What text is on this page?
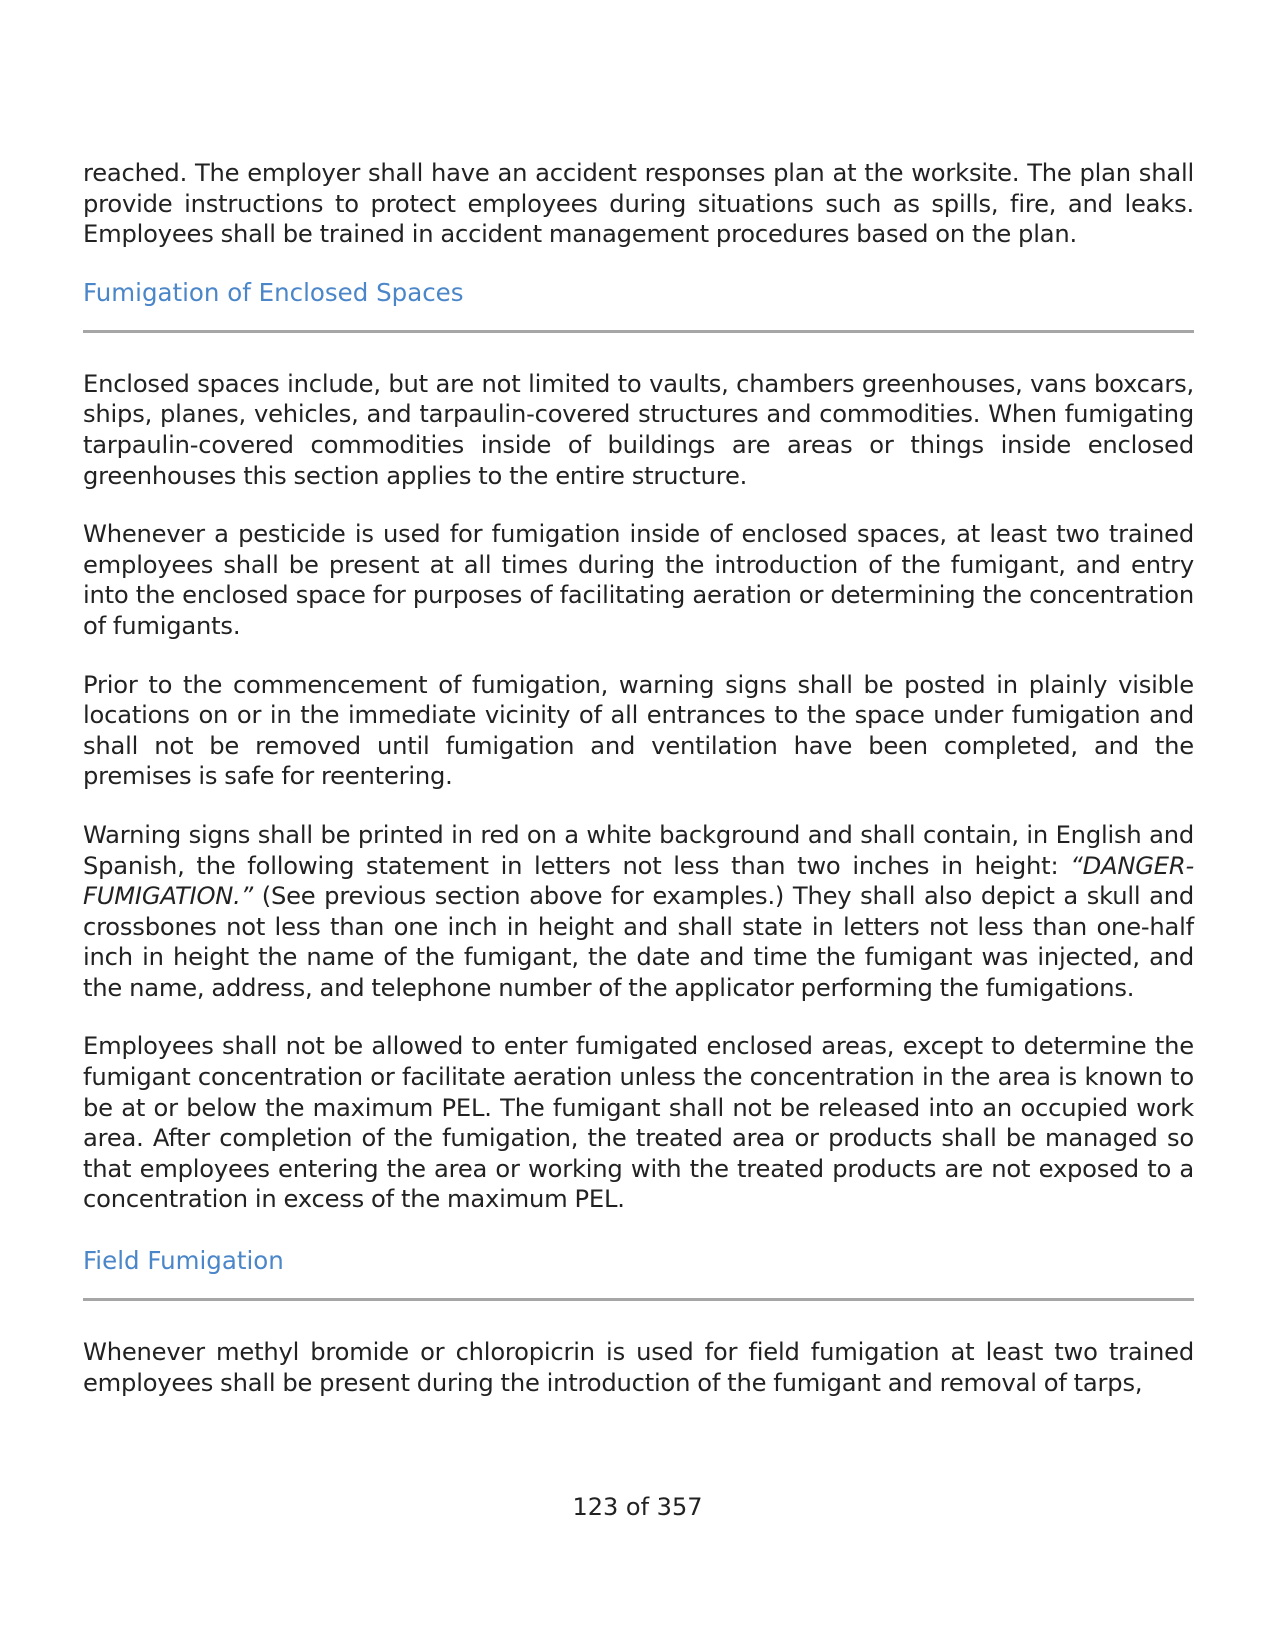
reached. The employer shall have an accident responses plan at the worksite. The plan shall provide instructions to protect employees during situations such as spills, fire, and leaks. Employees shall be trained in accident management procedures based on the plan.

Fumigation of Enclosed Spaces

Enclosed spaces include, but are not limited to vaults, chambers greenhouses, vans boxcars, ships, planes, vehicles, and tarpaulin-covered structures and commodities. When fumigating tarpaulin-covered commodities inside of buildings are areas or things inside enclosed greenhouses this section applies to the entire structure.

Whenever a pesticide is used for fumigation inside of enclosed spaces, at least two trained employees shall be present at all times during the introduction of the fumigant, and entry into the enclosed space for purposes of facilitating aeration or determining the concentration of fumigants.

Prior to the commencement of fumigation, warning signs shall be posted in plainly visible locations on or in the immediate vicinity of all entrances to the space under fumigation and shall not be removed until fumigation and ventilation have been completed, and the premises is safe for reentering.

Warning signs shall be printed in red on a white background and shall contain, in English and Spanish, the following statement in letters not less than two inches in height: “DANGER-FUMIGATION.” (See previous section above for examples.) They shall also depict a skull and crossbones not less than one inch in height and shall state in letters not less than one-half inch in height the name of the fumigant, the date and time the fumigant was injected, and the name, address, and telephone number of the applicator performing the fumigations.

Employees shall not be allowed to enter fumigated enclosed areas, except to determine the fumigant concentration or facilitate aeration unless the concentration in the area is known to be at or below the maximum PEL. The fumigant shall not be released into an occupied work area. After completion of the fumigation, the treated area or products shall be managed so that employees entering the area or working with the treated products are not exposed to a concentration in excess of the maximum PEL.

Field Fumigation

Whenever methyl bromide or chloropicrin is used for field fumigation at least two trained employees shall be present during the introduction of the fumigant and removal of tarps,

123 of 357
